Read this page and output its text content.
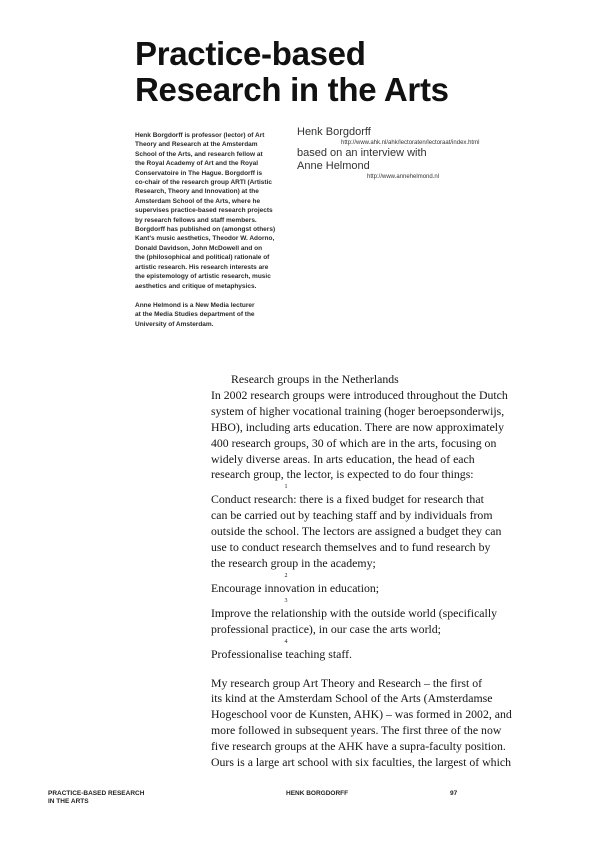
Practice-based
Research in the Arts

Henk Borgdorff is professor (lector) of Art
Theory and Research at the Amsterdam
School of the Arts, and research fellow at
the Royal Academy of Art and the Royal
Conservatoire in The Hague. Borgdorff is
co-chair of the research group ARTI (Artistic
Research, Theory and Innovation) at the
Amsterdam School of the Arts, where he
supervises practice-based research projects
by research fellows and staff members.
Borgdorff has published on (amongst others)
Kant's music aesthetics, Theodor W. Adorno,
Donald Davidson, John McDowell and on
the (philosophical and political) rationale of
artistic research. His research interests are
the epistemology of artistic research, music
aesthetics and critique of metaphysics.

Anne Helmond is a New Media lecturer
at the Media Studies department of the
University of Amsterdam.

Henk Borgdorff
http://www.ahk.nl/ahk/lectoraten/lectoraat/index.html
based on an interview with
Anne Helmond
http://www.annehelmond.nl
Research groups in the Netherlands
In 2002 research groups were introduced throughout the Dutch
system of higher vocational training (hoger beroepsonderwijs,
HBO), including arts education. There are now approximately
400 research groups, 30 of which are in the arts, focusing on
widely diverse areas. In arts education, the head of each
research group, the lector, is expected to do four things:
1
Conduct research: there is a fixed budget for research that
can be carried out by teaching staff and by individuals from
outside the school. The lectors are assigned a budget they can
use to conduct research themselves and to fund research by
the research group in the academy;
2
Encourage innovation in education;
3
Improve the relationship with the outside world (specifically
professional practice), in our case the arts world;
4
Professionalise teaching staff.
My research group Art Theory and Research – the first of
its kind at the Amsterdam School of the Arts (Amsterdamse
Hogeschool voor de Kunsten, AHK) – was formed in 2002, and
more followed in subsequent years. The first three of the now
five research groups at the AHK have a supra-faculty position.
Ours is a large art school with six faculties, the largest of which
PRACTICE-BASED RESEARCH
IN THE ARTS
HENK BORGDORFF	97
